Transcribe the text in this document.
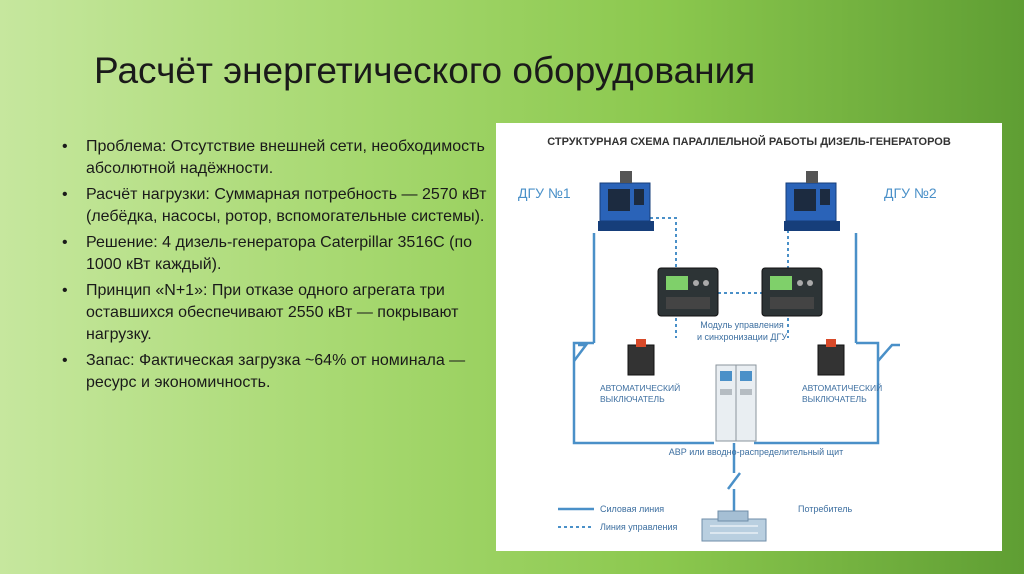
Расчёт энергетического оборудования
• Проблема: Отсутствие внешней сети, необходимость абсолютной надёжности.
• Расчёт нагрузки: Суммарная потребность — 2570 кВт (лебёдка, насосы, ротор, вспомогательные системы).
• Решение: 4 дизель-генератора Caterpillar 3516C (по 1000 кВт каждый).
• Принцип «N+1»: При отказе одного агрегата три оставшихся обеспечивают 2550 кВт — покрывают нагрузку.
• Запас: Фактическая загрузка ~64% от номинала — ресурс и экономичность.
СТРУКТУРНАЯ СХЕМА ПАРАЛЛЕЛЬНОЙ РАБОТЫ ДИЗЕЛЬ-ГЕНЕРАТОРОВ
ДГУ №1	ДГУ №2
Модуль управления
и синхронизации ДГУ
АВТОМАТИЧЕСКИЙ
ВЫКЛЮЧАТЕЛЬ
АВТОМАТИЧЕСКИЙ
ВЫКЛЮЧАТЕЛЬ
АВР или вводно-распределительный щит
Силовая линия
Линия управления
Потребитель
